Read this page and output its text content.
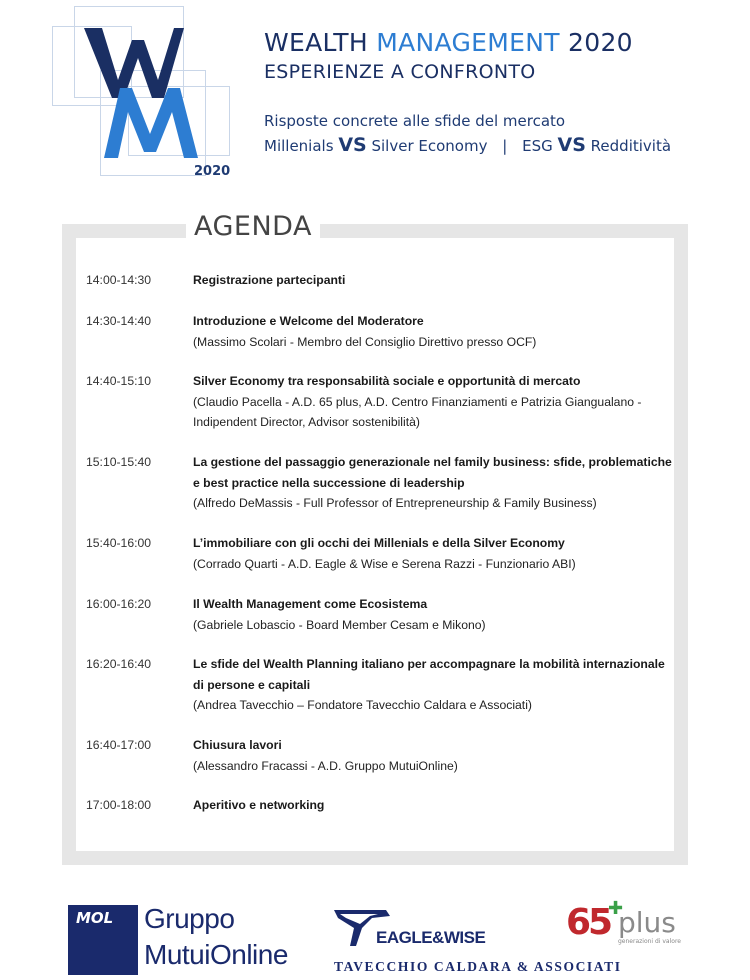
2020
WEALTH MANAGEMENT 2020
ESPERIENZE A CONFRONTO
Risposte concrete alle sfide del mercato
Millenials VS Silver Economy | ESG VS Redditività
AGENDA
14:00-14:30	Registrazione partecipanti
14:30-14:40	Introduzione e Welcome del Moderatore
(Massimo Scolari - Membro del Consiglio Direttivo presso OCF)
14:40-15:10	Silver Economy tra responsabilità sociale e opportunità di mercato
(Claudio Pacella - A.D. 65 plus, A.D. Centro Finanziamenti e Patrizia Giangualano - Indipendent Director, Advisor sostenibilità)
15:10-15:40	La gestione del passaggio generazionale nel family business: sfide, problematiche e best practice nella successione di leadership
(Alfredo DeMassis - Full Professor of Entrepreneurship & Family Business)
15:40-16:00	L’immobiliare con gli occhi dei Millenials e della Silver Economy
(Corrado Quarti - A.D. Eagle & Wise e Serena Razzi - Funzionario ABI)
16:00-16:20	Il Wealth Management come Ecosistema
(Gabriele Lobascio - Board Member Cesam e Mikono)
16:20-16:40	Le sfide del Wealth Planning italiano per accompagnare la mobilità internazionale di persone e capitali
(Andrea Tavecchio – Fondatore Tavecchio Caldara e Associati)
16:40-17:00	Chiusura lavori
(Alessandro Fracassi - A.D. Gruppo MutuiOnline)
17:00-18:00	Aperitivo e networking
MOL Gruppo
MutuiOnline
EAGLE&WISE 65
✚
plus
generazioni di valore
TAVECCHIO CALDARA & ASSOCIATI
